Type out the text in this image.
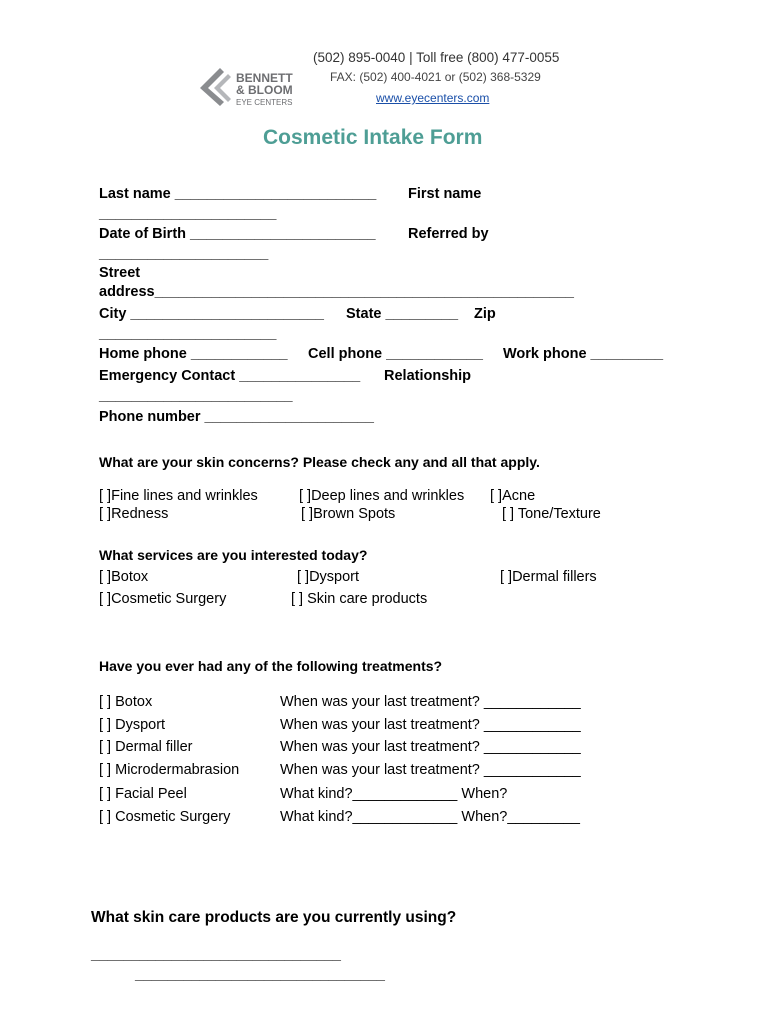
BENNETT
& BLOOM
EYE CENTERS
(502) 895-0040 | Toll free (800) 477-0055
FAX: (502) 400-4021 or (502) 368-5329
www.eyecenters.com
Cosmetic Intake Form
Last name _________________________ First name
______________________
Date of Birth _______________________ Referred by
_____________________
Street
address____________________________________________________
City ________________________ State _________ Zip
______________________
Home phone ____________ Cell phone ____________ Work phone _________
Emergency Contact _______________ Relationship
________________________
Phone number _____________________
What are your skin concerns? Please check any and all that apply.
[ ]Fine lines and wrinkles	[ ]Deep lines and wrinkles [ ]Acne
[ ]Redness	[ ]Brown Spots	[ ] Tone/Texture
What services are you interested today?
[ ]Botox	[ ]Dysport	[ ]Dermal fillers
[ ]Cosmetic Surgery	[ ] Skin care products
Have you ever had any of the following treatments?
[ ] Botox	When was your last treatment? ____________
[ ] Dysport	When was your last treatment? ____________
[ ] Dermal filler	When was your last treatment? ____________
[ ] Microdermabrasion	When was your last treatment? ____________
[ ] Facial Peel	What kind?_____________ When?
[ ] Cosmetic Surgery	What kind?_____________ When?_________
What skin care products are you currently using?
_______________________________
_______________________________
